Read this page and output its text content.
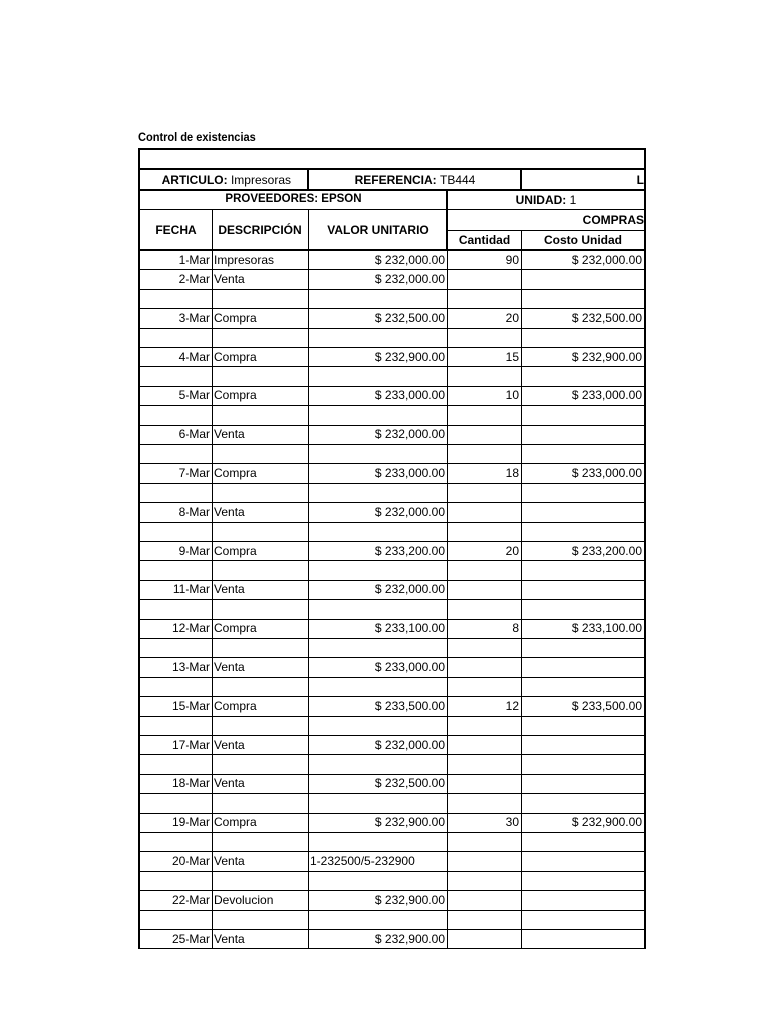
Control de existencias
ARTICULO:
Impresoras	REFERENCIA:
TB444	L
PROVEEDORES:
EPSON	UNIDAD:
1
FECHA	DESCRIPCIÓN	VALOR UNITARIO
COMPRAS
Cantidad	Costo Unidad
1-Mar Impresoras	$ 232,000.00	90	$ 232,000.00
2-Mar Venta	$ 232,000.00
3-Mar Compra	$ 232,500.00	20	$ 232,500.00
4-Mar Compra	$ 232,900.00	15	$ 232,900.00
5-Mar Compra	$ 233,000.00	10	$ 233,000.00
6-Mar Venta	$ 232,000.00
7-Mar Compra	$ 233,000.00	18	$ 233,000.00
8-Mar Venta	$ 232,000.00
9-Mar Compra	$ 233,200.00	20	$ 233,200.00
11-Mar Venta	$ 232,000.00
12-Mar Compra	$ 233,100.00	8	$ 233,100.00
13-Mar Venta	$ 233,000.00
15-Mar Compra	$ 233,500.00	12	$ 233,500.00
17-Mar Venta	$ 232,000.00
18-Mar Venta	$ 232,500.00
19-Mar Compra	$ 232,900.00	30	$ 232,900.00
20-Mar Venta	1-232500/5-232900
22-Mar Devolucion	$ 232,900.00
25-Mar Venta	$ 232,900.00
